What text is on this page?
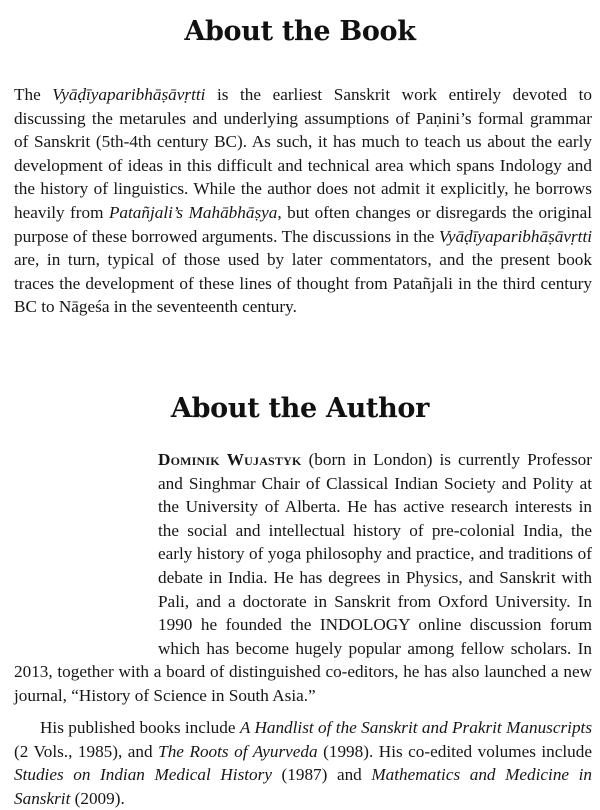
About the Book

The Vyāḍīyaparibhāṣāvṛtti is the earliest Sanskrit work entirely devoted to discussing the metarules and underlying assumptions of Paṇini’s formal grammar of Sanskrit (5th-4th century BC). As such, it has much to teach us about the early development of ideas in this difficult and technical area which spans Indology and the history of linguistics. While the author does not admit it explicitly, he borrows heavily from Patañjali’s Mahābhāṣya, but often changes or disregards the original purpose of these borrowed arguments. The discussions in the Vyāḍīyaparibhāṣāvṛtti are, in turn, typical of those used by later commentators, and the present book traces the development of these lines of thought from Patañjali in the third century BC to Nāgeśa in the seventeenth century.

About the Author

Dominik Wujastyk (born in London) is currently Professor and Singhmar Chair of Classical Indian Society and Polity at the University of Alberta. He has active research interests in the social and intellectual history of pre-colonial India, the early history of yoga philosophy and practice, and traditions of debate in India. He has degrees in Physics, and Sanskrit with Pali, and a doctorate in Sanskrit from Oxford University. In 1990 he founded the INDOLOGY online discussion forum which has become hugely popular among fellow scholars. In 2013, together with a board of distinguished co-editors, he has also launched a new journal, “History of Science in South Asia.”

His published books include A Handlist of the Sanskrit and Prakrit Manuscripts (2 Vols., 1985), and The Roots of Ayurveda (1998). His co-edited volumes include Studies on Indian Medical History (1987) and Mathematics and Medicine in Sanskrit (2009).
